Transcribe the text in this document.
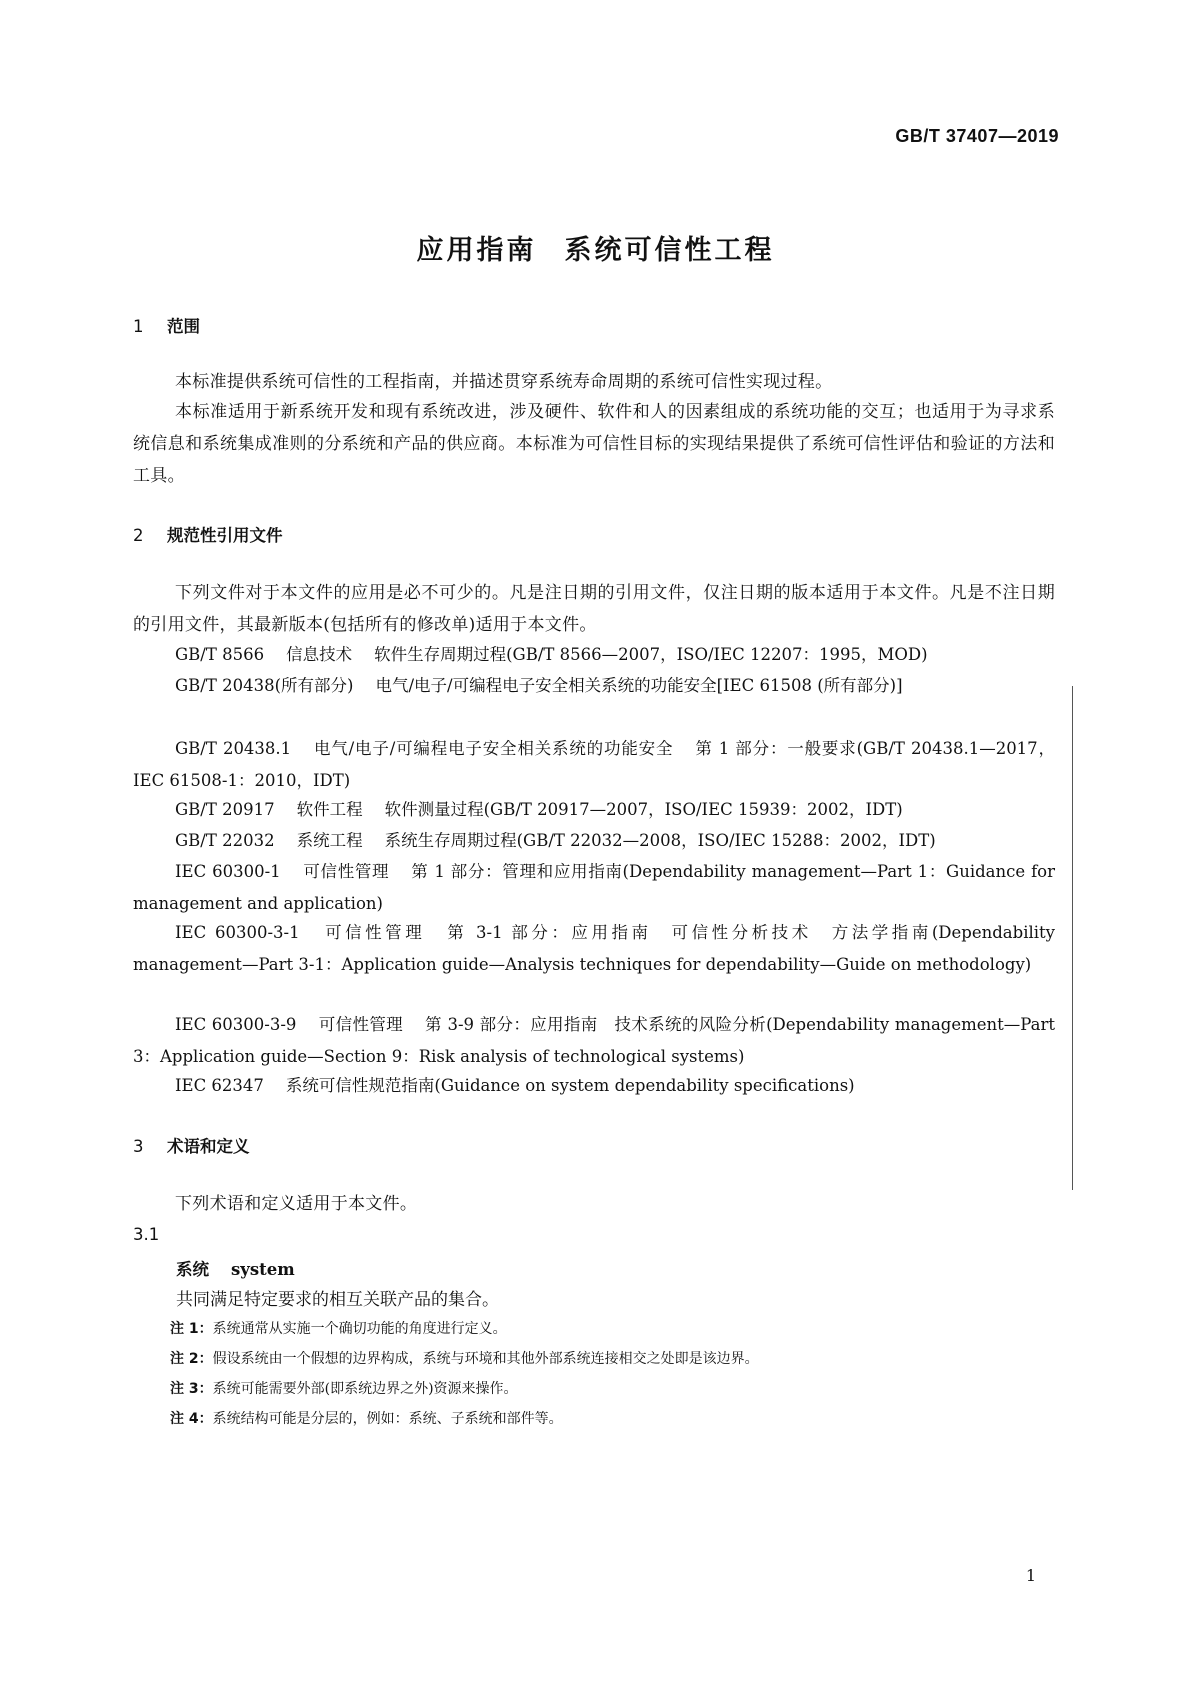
GB/T 37407—2019
应用指南 系统可信性工程
1 范围
本标准提供系统可信性的工程指南，并描述贯穿系统寿命周期的系统可信性实现过程。
本标准适用于新系统开发和现有系统改进，涉及硬件、软件和人的因素组成的系统功能的交互；也适用于为寻求系统信息和系统集成准则的分系统和产品的供应商。本标准为可信性目标的实现结果提供了系统可信性评估和验证的方法和工具。
2 规范性引用文件
下列文件对于本文件的应用是必不可少的。凡是注日期的引用文件，仅注日期的版本适用于本文件。凡是不注日期的引用文件，其最新版本(包括所有的修改单)适用于本文件。
GB/T 8566 信息技术 软件生存周期过程(GB/T 8566—2007，ISO/IEC 12207：1995，MOD)
GB/T 20438(所有部分) 电气/电子/可编程电子安全相关系统的功能安全[IEC 61508 (所有部分)]
GB/T 20438.1 电气/电子/可编程电子安全相关系统的功能安全 第 1 部分：一般要求(GB/T 20438.1—2017，IEC 61508-1：2010，IDT)
GB/T 20917 软件工程 软件测量过程(GB/T 20917—2007，ISO/IEC 15939：2002，IDT)
GB/T 22032 系统工程 系统生存周期过程(GB/T 22032—2008，ISO/IEC 15288：2002，IDT)
IEC 60300-1 可信性管理 第 1 部分：管理和应用指南(Dependability management—Part 1：Guidance for management and application)
IEC 60300-3-1 可信性管理 第 3-1 部分：应用指南　可信性分析技术　方法学指南(Dependability management—Part 3-1：Application guide—Analysis techniques for dependability—Guide on methodology)
IEC 60300-3-9 可信性管理 第 3-9 部分：应用指南　技术系统的风险分析(Dependability management—Part 3：Application guide—Section 9：Risk analysis of technological systems)
IEC 62347 系统可信性规范指南(Guidance on system dependability specifications)
3 术语和定义
下列术语和定义适用于本文件。
3.1
系统 system
共同满足特定要求的相互关联产品的集合。
注 1：系统通常从实施一个确切功能的角度进行定义。
注 2：假设系统由一个假想的边界构成，系统与环境和其他外部系统连接相交之处即是该边界。
注 3：系统可能需要外部(即系统边界之外)资源来操作。
注 4：系统结构可能是分层的，例如：系统、子系统和部件等。
1
